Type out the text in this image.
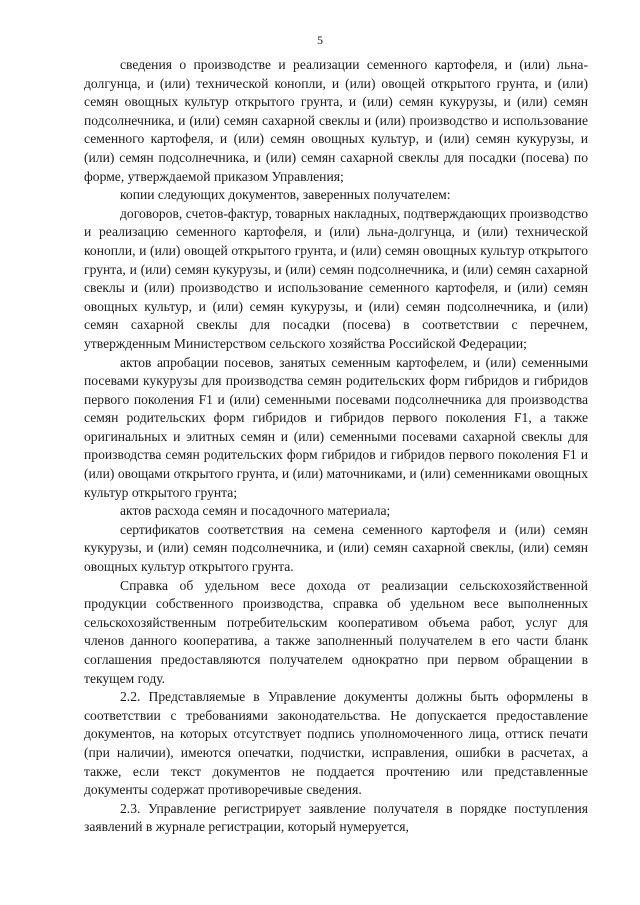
5

сведения о производстве и реализации семенного картофеля, и (или) льна-долгунца, и (или) технической конопли, и (или) овощей открытого грунта, и (или) семян овощных культур открытого грунта, и (или) семян кукурузы, и (или) семян подсолнечника, и (или) семян сахарной свеклы и (или) производство и использование семенного картофеля, и (или) семян овощных культур, и (или) семян кукурузы, и (или) семян подсолнечника, и (или) семян сахарной свеклы для посадки (посева) по форме, утверждаемой приказом Управления;

копии следующих документов, заверенных получателем:

договоров, счетов-фактур, товарных накладных, подтверждающих производство и реализацию семенного картофеля, и (или) льна-долгунца, и (или) технической конопли, и (или) овощей открытого грунта, и (или) семян овощных культур открытого грунта, и (или) семян кукурузы, и (или) семян подсолнечника, и (или) семян сахарной свеклы и (или) производство и использование семенного картофеля, и (или) семян овощных культур, и (или) семян кукурузы, и (или) семян подсолнечника, и (или) семян сахарной свеклы для посадки (посева) в соответствии с перечнем, утвержденным Министерством сельского хозяйства Российской Федерации;

актов апробации посевов, занятых семенным картофелем, и (или) семенными посевами кукурузы для производства семян родительских форм гибридов и гибридов первого поколения F1 и (или) семенными посевами подсолнечника для производства семян родительских форм гибридов и гибридов первого поколения F1, а также оригинальных и элитных семян и (или) семенными посевами сахарной свеклы для производства семян родительских форм гибридов и гибридов первого поколения F1 и (или) овощами открытого грунта, и (или) маточниками, и (или) семенниками овощных культур открытого грунта;

актов расхода семян и посадочного материала;

сертификатов соответствия на семена семенного картофеля и (или) семян кукурузы, и (или) семян подсолнечника, и (или) семян сахарной свеклы, (или) семян овощных культур открытого грунта.

Справка об удельном весе дохода от реализации сельскохозяйственной продукции собственного производства, справка об удельном весе выполненных сельскохозяйственным потребительским кооперативом объема работ, услуг для членов данного кооператива, а также заполненный получателем в его части бланк соглашения предоставляются получателем однократно при первом обращении в текущем году.

2.2. Представляемые в Управление документы должны быть оформлены в соответствии с требованиями законодательства. Не допускается предоставление документов, на которых отсутствует подпись уполномоченного лица, оттиск печати (при наличии), имеются опечатки, подчистки, исправления, ошибки в расчетах, а также, если текст документов не поддается прочтению или представленные документы содержат противоречивые сведения.

2.3. Управление регистрирует заявление получателя в порядке поступления заявлений в журнале регистрации, который нумеруется,
